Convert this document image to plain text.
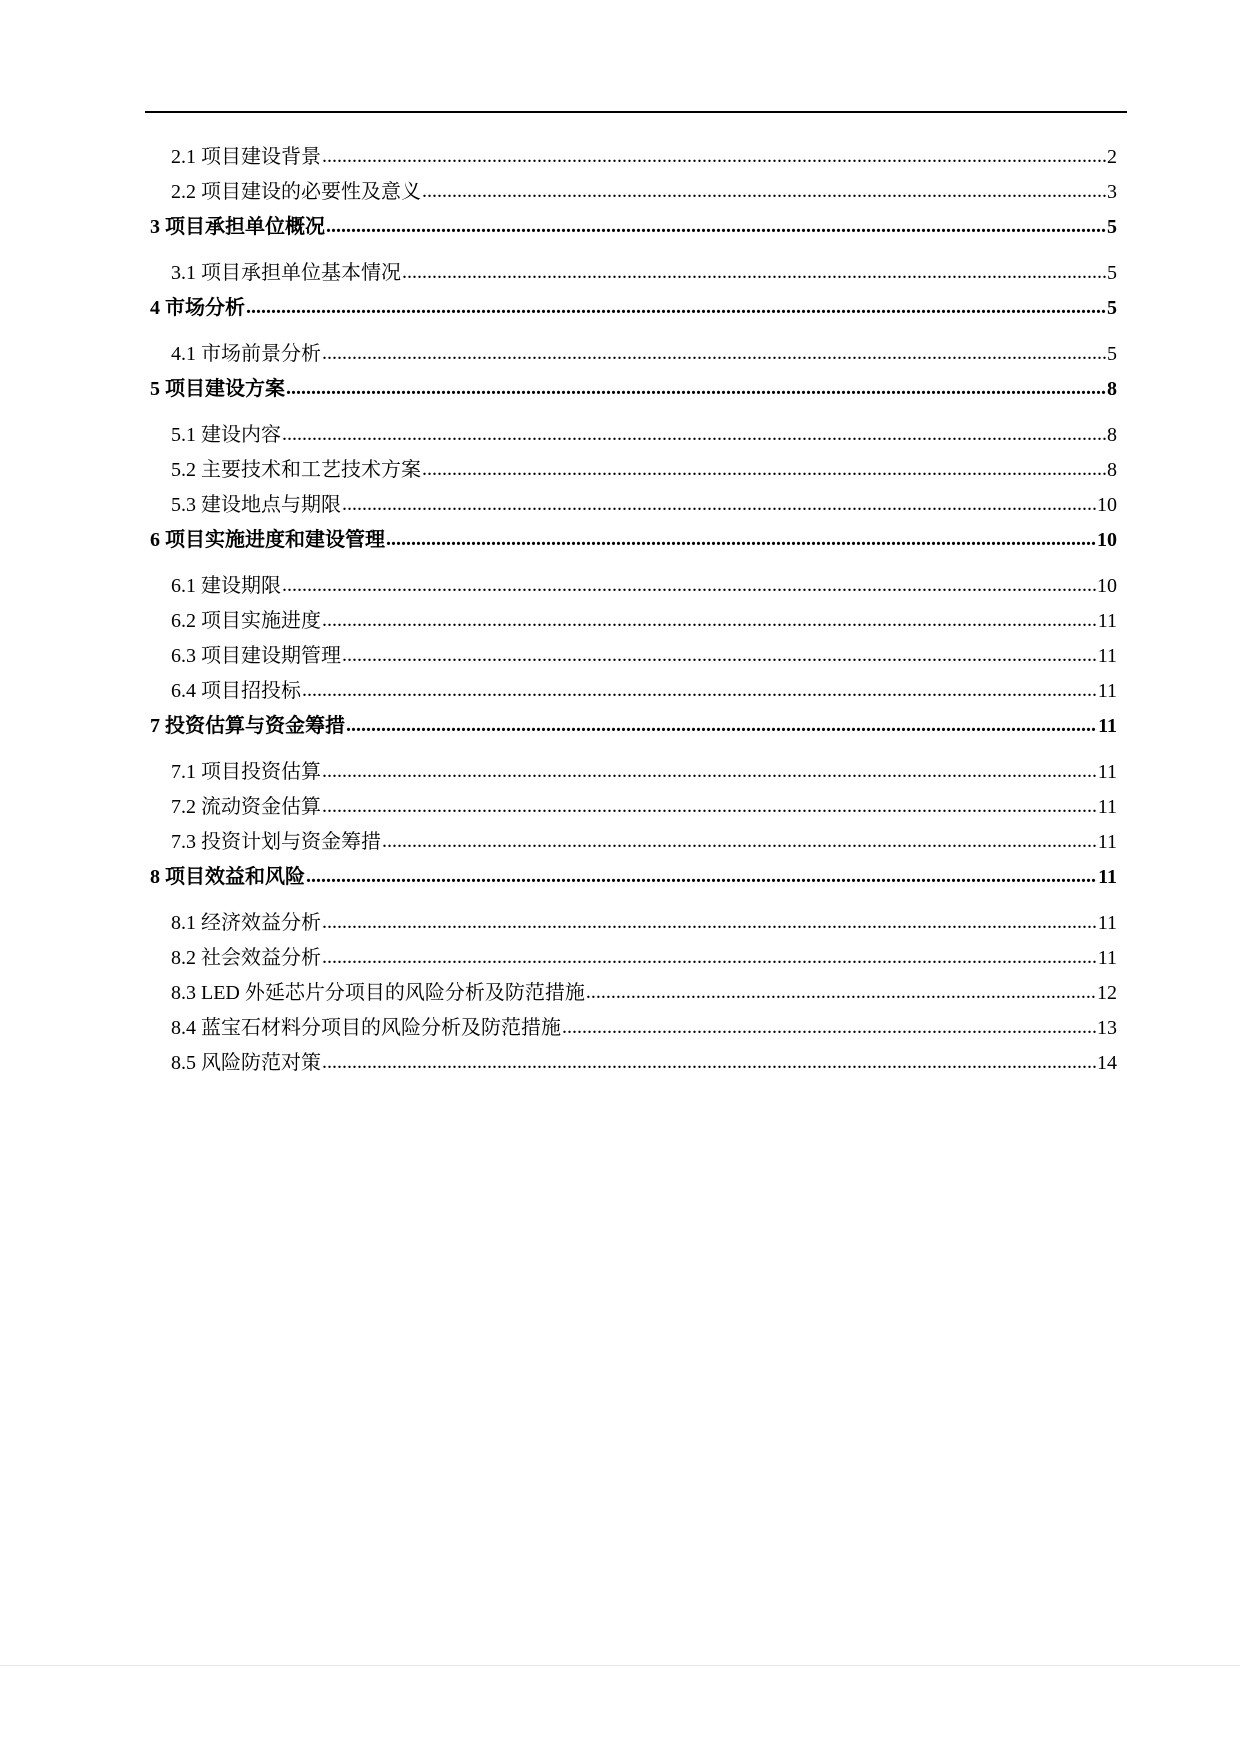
2.1 项目建设背景 .....	2
2.2 项目建设的必要性及意义 .....	3
3 项目承担单位概况 .....	5
3.1 项目承担单位基本情况 .....	5
4 市场分析 .....	5
4.1 市场前景分析 .....	5
5 项目建设方案 .....	8
5.1 建设内容 .....	8
5.2 主要技术和工艺技术方案 .....	8
5.3 建设地点与期限 .....	10
6 项目实施进度和建设管理 .....	10
6.1 建设期限 .....	10
6.2 项目实施进度 .....	11
6.3 项目建设期管理 .....	11
6.4 项目招投标 .....	11
7 投资估算与资金筹措 .....	11
7.1 项目投资估算 .....	11
7.2 流动资金估算 .....	11
7.3 投资计划与资金筹措 .....	11
8 项目效益和风险 .....	11
8.1 经济效益分析 .....	11
8.2 社会效益分析 .....	11
8.3 LED 外延芯片分项目的风险分析及防范措施 .....	12
8.4 蓝宝石材料分项目的风险分析及防范措施 .....	13
8.5 风险防范对策 .....	14
